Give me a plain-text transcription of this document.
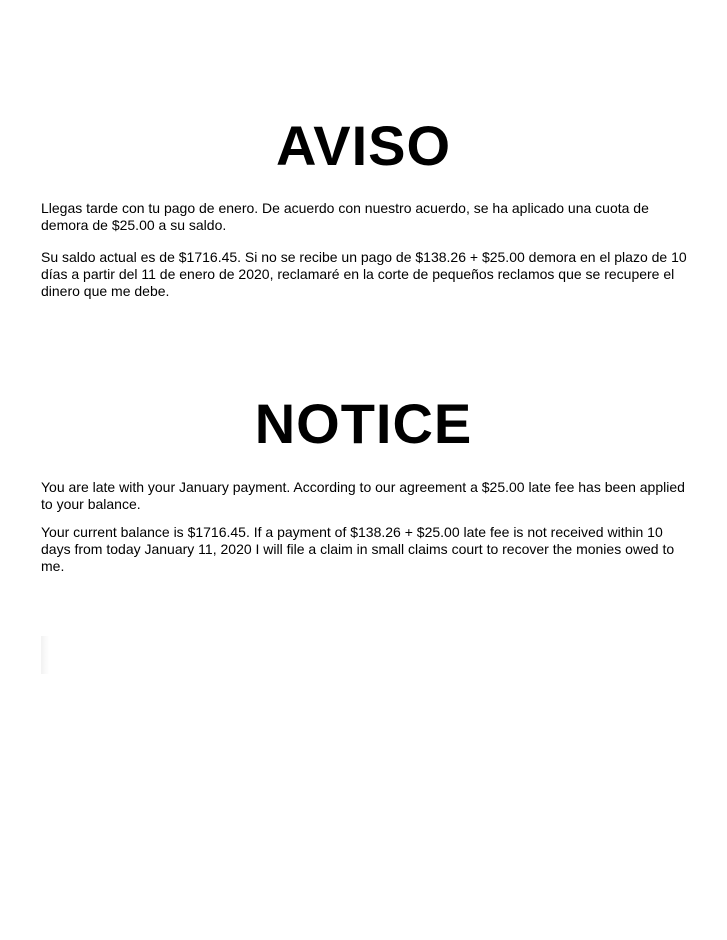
AVISO

Llegas tarde con tu pago de enero. De acuerdo con nuestro acuerdo, se ha aplicado una cuota de demora de $25.00 a su saldo.

Su saldo actual es de $1716.45. Si no se recibe un pago de $138.26 + $25.00 demora en el plazo de 10 días a partir del 11 de enero de 2020, reclamaré en la corte de pequeños reclamos que se recupere el dinero que me debe.

NOTICE

You are late with your January payment. According to our agreement a $25.00 late fee has been applied to your balance.

Your current balance is $1716.45. If a payment of $138.26 + $25.00 late fee is not received within 10 days from today January 11, 2020 I will file a claim in small claims court to recover the monies owed to me.
